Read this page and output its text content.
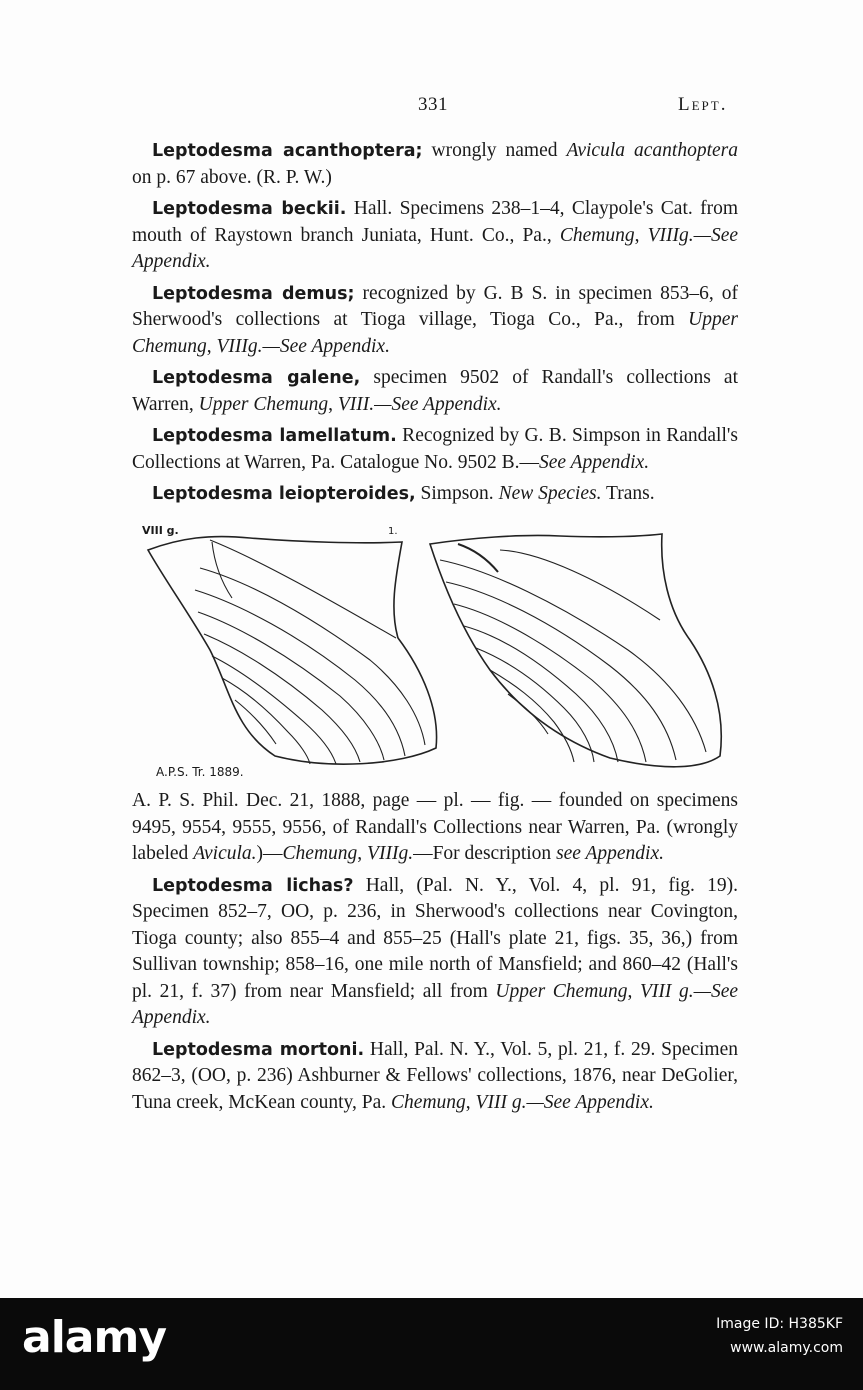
331	Lept.

Leptodesma acanthoptera; wrongly named Avicula acanthoptera on p. 67 above. (R. P. W.)

Leptodesma beckii. Hall. Specimens 238–1–4, Claypole's Cat. from mouth of Raystown branch Juniata, Hunt. Co., Pa., Chemung, VIIIg.—See Appendix.

Leptodesma demus; recognized by G. B S. in specimen 853–6, of Sherwood's collections at Tioga village, Tioga Co., Pa., from Upper Chemung, VIIIg.—See Appendix.

Leptodesma galene, specimen 9502 of Randall's collections at Warren, Upper Chemung, VIII.—See Appendix.

Leptodesma lamellatum. Recognized by G. B. Simpson in Randall's Collections at Warren, Pa. Catalogue No. 9502 B.—See Appendix.

Leptodesma leiopteroides, Simpson. New Species. Trans.

VIII g.	1.
A.P.S. Tr. 1889.

A. P. S. Phil. Dec. 21, 1888, page — pl. — fig. — founded on specimens 9495, 9554, 9555, 9556, of Randall's Collections near Warren, Pa. (wrongly labeled Avicula.)—Chemung, VIIIg.—For description see Appendix.

Leptodesma lichas? Hall, (Pal. N. Y., Vol. 4, pl. 91, fig. 19). Specimen 852–7, OO, p. 236, in Sherwood's collections near Covington, Tioga county; also 855–4 and 855–25 (Hall's plate 21, figs. 35, 36,) from Sullivan township; 858–16, one mile north of Mansfield; and 860–42 (Hall's pl. 21, f. 37) from near Mansfield; all from Upper Chemung, VIII g.—See Appendix.

Leptodesma mortoni. Hall, Pal. N. Y., Vol. 5, pl. 21, f. 29. Specimen 862–3, (OO, p. 236) Ashburner & Fellows' collections, 1876, near DeGolier, Tuna creek, McKean county, Pa. Chemung, VIII g.—See Appendix.

alamy	Image ID: H385KF
www.alamy.com
